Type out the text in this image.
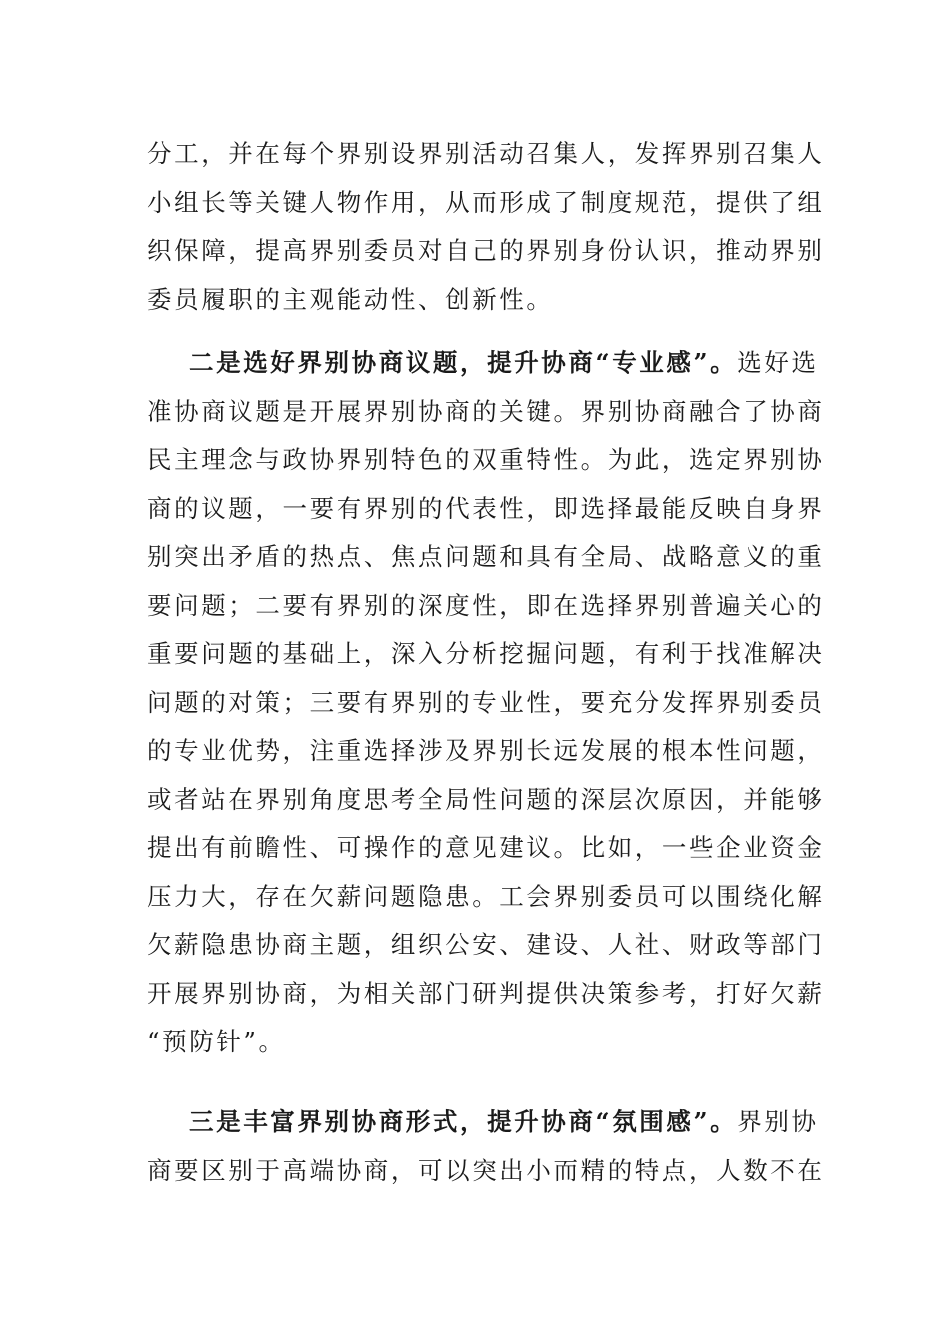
分工，并在每个界别设界别活动召集人，发挥界别召集人
小组长等关键人物作用，从而形成了制度规范，提供了组
织保障，提高界别委员对自己的界别身份认识，推动界别
委员履职的主观能动性、创新性。
二是选好界别协商议题，提升协商“专业感”。选好选
准协商议题是开展界别协商的关键。界别协商融合了协商
民主理念与政协界别特色的双重特性。为此，选定界别协
商的议题，一要有界别的代表性，即选择最能反映自身界
别突出矛盾的热点、焦点问题和具有全局、战略意义的重
要问题；二要有界别的深度性，即在选择界别普遍关心的
重要问题的基础上，深入分析挖掘问题，有利于找准解决
问题的对策；三要有界别的专业性，要充分发挥界别委员
的专业优势，注重选择涉及界别长远发展的根本性问题，
或者站在界别角度思考全局性问题的深层次原因，并能够
提出有前瞻性、可操作的意见建议。比如，一些企业资金
压力大，存在欠薪问题隐患。工会界别委员可以围绕化解
欠薪隐患协商主题，组织公安、建设、人社、财政等部门
开展界别协商，为相关部门研判提供决策参考，打好欠薪
“预防针”。
三是丰富界别协商形式，提升协商“氛围感”。界别协
商要区别于高端协商，可以突出小而精的特点，人数不在
